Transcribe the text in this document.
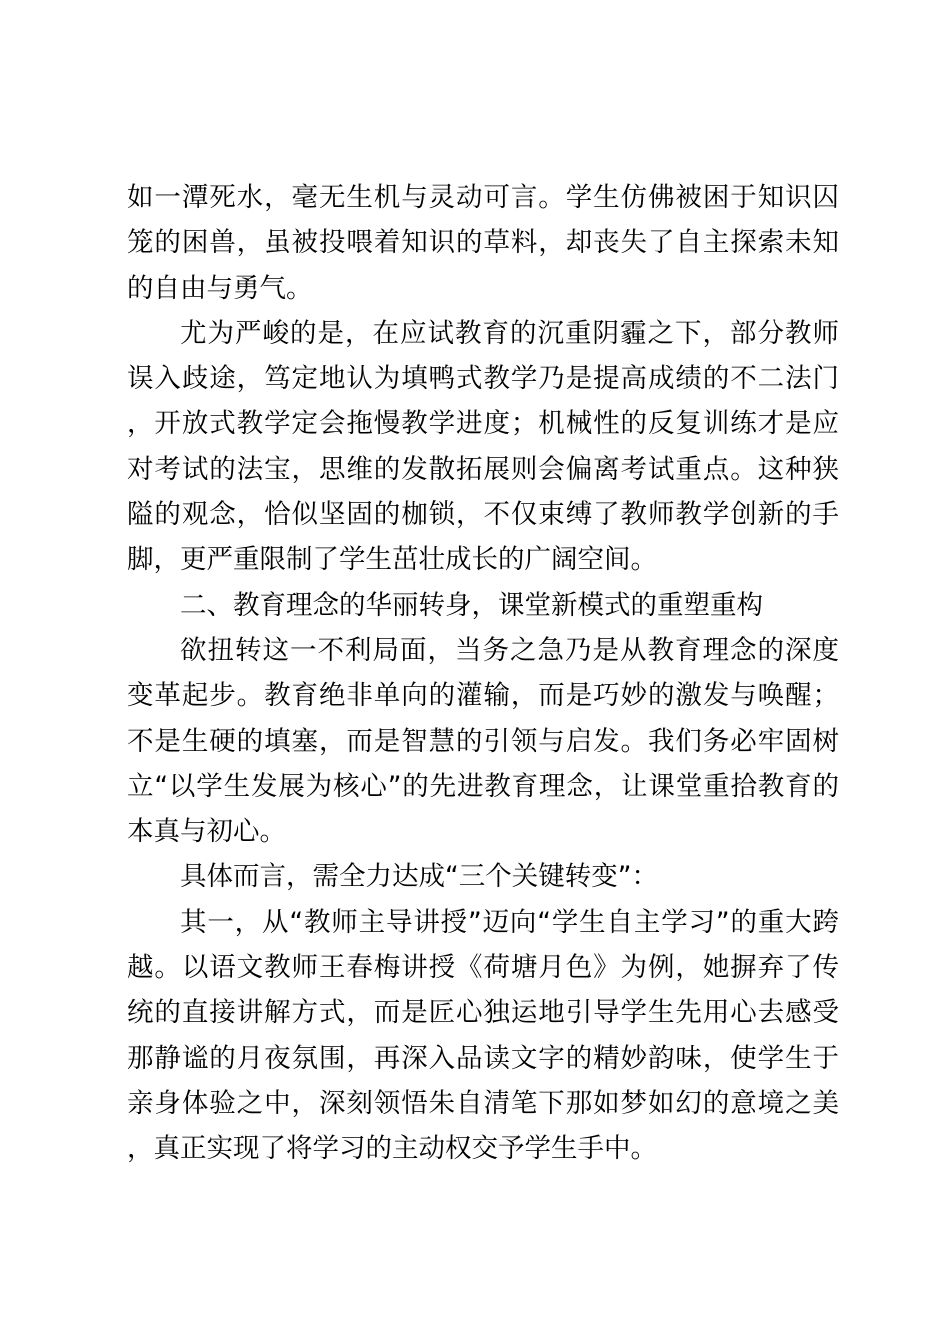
如一潭死水，毫无生机与灵动可言。学生仿佛被困于知识囚笼的困兽，虽被投喂着知识的草料，却丧失了自主探索未知的自由与勇气。

尤为严峻的是，在应试教育的沉重阴霾之下，部分教师误入歧途，笃定地认为填鸭式教学乃是提高成绩的不二法门，开放式教学定会拖慢教学进度；机械性的反复训练才是应对考试的法宝，思维的发散拓展则会偏离考试重点。这种狭隘的观念，恰似坚固的枷锁，不仅束缚了教师教学创新的手脚，更严重限制了学生茁壮成长的广阔空间。

二、教育理念的华丽转身，课堂新模式的重塑重构

欲扭转这一不利局面，当务之急乃是从教育理念的深度变革起步。教育绝非单向的灌输，而是巧妙的激发与唤醒；不是生硬的填塞，而是智慧的引领与启发。我们务必牢固树立“以学生发展为核心”的先进教育理念，让课堂重拾教育的本真与初心。

具体而言，需全力达成“三个关键转变”：

其一，从“教师主导讲授”迈向“学生自主学习”的重大跨越。以语文教师王春梅讲授《荷塘月色》为例，她摒弃了传统的直接讲解方式，而是匠心独运地引导学生先用心去感受那静谧的月夜氛围，再深入品读文字的精妙韵味，使学生于亲身体验之中，深刻领悟朱自清笔下那如梦如幻的意境之美，真正实现了将学习的主动权交予学生手中。
